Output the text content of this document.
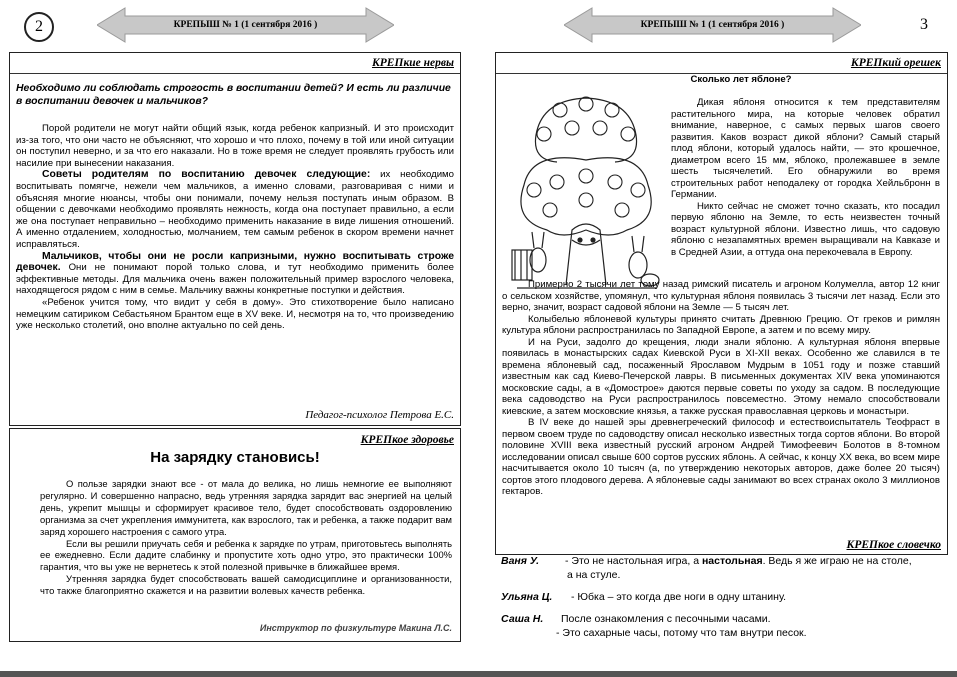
2	КРЕПЫШ № 1 (1 сентября 2016 )
КРЕПкие нервы

Необходимо ли соблюдать строгость в воспитании детей? И есть ли различие в воспитании девочек и мальчиков?

Порой родители не могут найти общий язык, когда ребенок капризный. И это происходит из-за того, что они часто не объясняют, что хорошо и что плохо, почему в той или иной ситуации он поступил неверно, и за что его наказали. Но в тоже время не следует проявлять грубость или насилие при вынесении наказания.

Советы родителям по воспитанию девочек следующие: их необходимо воспитывать помягче, нежели чем мальчиков, а именно словами, разговаривая с ними и объясняя многие нюансы, чтобы они понимали, почему нельзя поступать иным образом. В общении с девочками необходимо проявлять нежность, когда она поступает правильно, а если же она поступает неправильно – необходимо применить наказание в виде лишения отношений. А именно отдалением, холодностью, молчанием, тем самым ребенок в скором времени начнет исправляться.

Мальчиков, чтобы они не росли капризными, нужно воспитывать строже девочек. Они не понимают порой только слова, и тут необходимо применить более эффективные методы. Для мальчика очень важен положительный пример взрослого человека, находящегося рядом с ним в семье. Мальчику важны конкретные поступки и действия.

«Ребенок учится тому, что видит у себя в дому». Это стихотворение было написано немецким сатириком Себастьяном Брантом еще в XV веке. И, несмотря на то, что произведению уже несколько столетий, оно вполне актуально по сей день.

Педагог-психолог Петрова Е.С.
КРЕПкое здоровье
На зарядку становись!

О пользе зарядки знают все - от мала до велика, но лишь немногие ее выполняют регулярно. И совершенно напрасно, ведь утренняя зарядка зарядит вас энергией на целый день, укрепит мышцы и сформирует красивое тело, будет способствовать оздоровлению организма за счет укрепления иммунитета, как взрослого, так и ребенка, а также подарит вам заряд хорошего настроения с самого утра.

Если вы решили приучать себя и ребенка к зарядке по утрам, приготовьтесь выполнять ее ежедневно. Если дадите слабинку и пропустите хоть одно утро, это практически 100% гарантия, что вы уже не вернетесь к этой полезной привычке в ближайшее время.

Утренняя зарядка будет способствовать вашей самодисциплине и организованности, что также благоприятно скажется и на развитии волевых качеств ребенка.

Инструктор по физкультуре Макина Л.С.
КРЕПЫШ № 1 (1 сентября 2016 )	3
КРЕПкий орешек
Сколько лет яблоне?

Дикая яблоня относится к тем представителям растительного мира, на которые человек обратил внимание, наверное, с самых первых шагов своего развития. Каков возраст дикой яблони? Самый старый плод яблони, который удалось найти, — это крошечное, диаметром всего 15 мм, яблоко, пролежавшее в земле шесть тысячелетий. Его обнаружили во время строительных работ неподалеку от городка Хейльбронн в Германии.

Никто сейчас не сможет точно сказать, кто посадил первую яблоню на Земле, то есть неизвестен точный возраст культурной яблони. Известно лишь, что садовую яблоню с незапамятных времен выращивали на Кавказе и в Средней Азии, а оттуда она перекочевала в Европу.

Примерно 2 тысячи лет тому назад римский писатель и агроном Колумелла, автор 12 книг о сельском хозяйстве, упомянул, что культурная яблоня появилась 3 тысячи лет назад. Если это верно, значит, возраст садовой яблони на Земле — 5 тысяч лет.

Колыбелью яблоневой культуры принято считать Древнюю Грецию. От греков и римлян культура яблони распространилась по Западной Европе, а затем и по всему миру.

И на Руси, задолго до крещения, люди знали яблоню. А культурная яблоня впервые появилась в монастырских садах Киевской Руси в XI-XII веках. Особенно же славился в те времена яблоневый сад, посаженный Ярославом Мудрым в 1051 году и позже ставший известным как сад Киево-Печерской лавры. В письменных документах XIV века упоминаются московские сады, а в «Домострое» даются первые советы по уходу за садом. В последующие века садоводство на Руси распространилось повсеместно. Этому немало способствовали киевские, а затем московские князья, а также русская православная церковь и монастыри.

В IV веке до нашей эры древнегреческий философ и естествоиспытатель Теофраст в первом своем труде по садоводству описал несколько известных тогда сортов яблони. Во второй половине XVIII века известный русский агроном Андрей Тимофеевич Болотов в 8-томном исследовании описал свыше 600 сортов русских яблонь. А сейчас, к концу XX века, во всем мире насчитывается около 10 тысяч (а, по утверждению некоторых авторов, даже более 20 тысяч) сортов этого плодового дерева. А яблоневые сады занимают во всех странах около 3 миллионов гектаров.

КРЕПкое словечко
Ваня У. - Это не настольная игра, а настольная. Ведь я же играю не на столе,
а на стуле.
Ульяна Ц. - Юбка – это когда две ноги в одну штанину.
Саша Н. После ознакомления с песочными часами.
- Это сахарные часы, потому что там внутри песок.
